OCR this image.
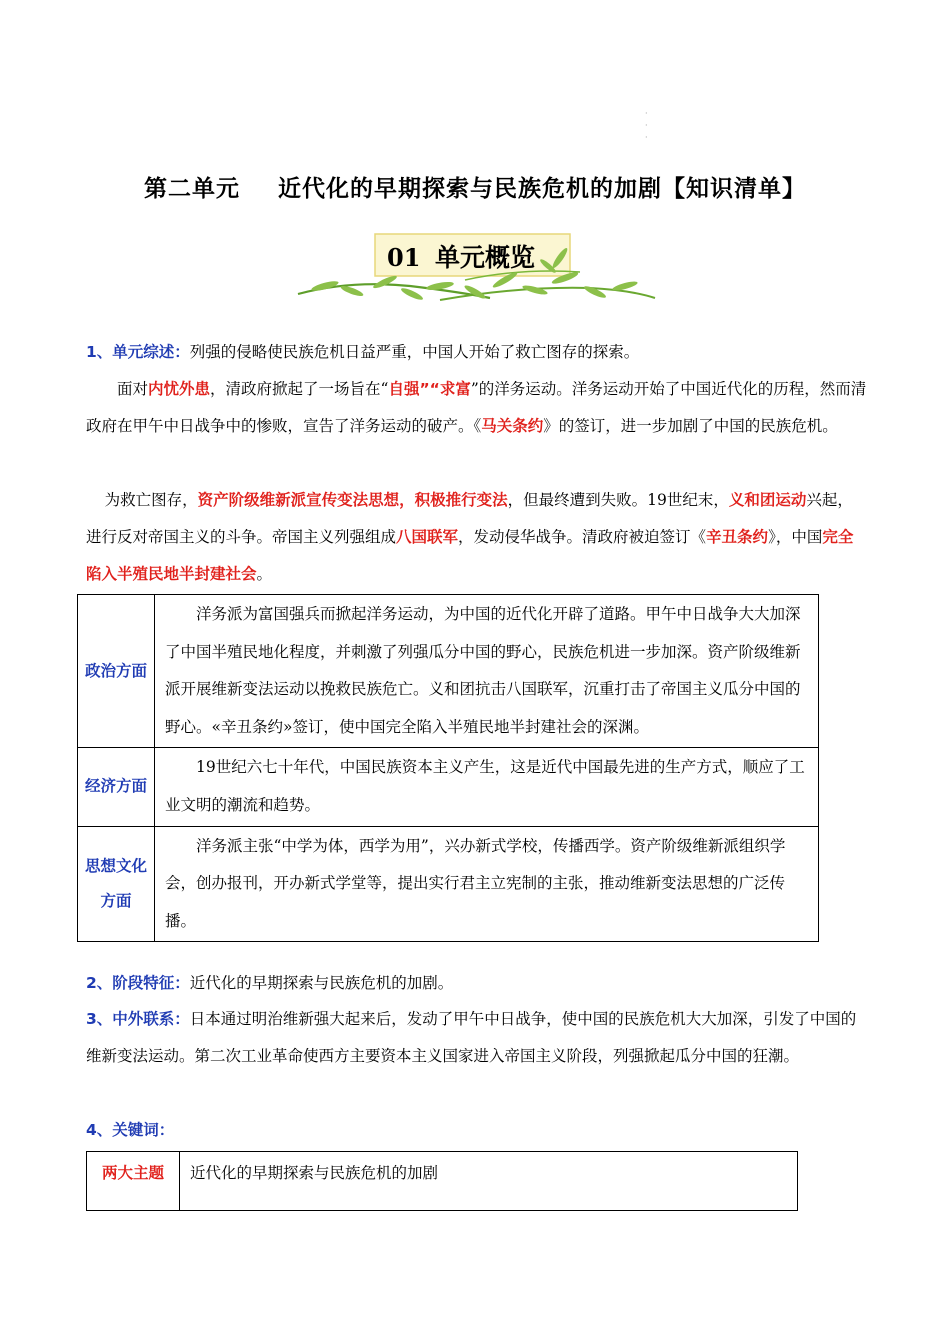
·
·
·
第二单元 近代化的早期探索与民族危机的加剧【知识清单】
01 单元概览
1、单元综述：列强的侵略使民族危机日益严重，中国人开始了救亡图存的探索。
面对内忧外患，清政府掀起了一场旨在“自强”“求富”的洋务运动。洋务运动开始了中国近代化的历程，然而清政府在甲午中日战争中的惨败，宣告了洋务运动的破产。《马关条约》的签订，进一步加剧了中国的民族危机。
为救亡图存，资产阶级维新派宣传变法思想，积极推行变法，但最终遭到失败。19世纪末，义和团运动兴起，进行反对帝国主义的斗争。帝国主义列强组成八国联军，发动侵华战争。清政府被迫签订《辛丑条约》，中国完全陷入半殖民地半封建社会。
政治方面	洋务派为富国强兵而掀起洋务运动，为中国的近代化开辟了道路。甲午中日战争大大加深了中国半殖民地化程度，并刺激了列强瓜分中国的野心，民族危机进一步加深。资产阶级维新派开展维新变法运动以挽救民族危亡。义和团抗击八国联军，沉重打击了帝国主义瓜分中国的野心。«辛丑条约»签订，使中国完全陷入半殖民地半封建社会的深渊。
经济方面	19世纪六七十年代，中国民族资本主义产生，这是近代中国最先进的生产方式，顺应了工业文明的潮流和趋势。
思想文化方面	洋务派主张“中学为体，西学为用”，兴办新式学校，传播西学。资产阶级维新派组织学会，创办报刊，开办新式学堂等，提出实行君主立宪制的主张，推动维新变法思想的广泛传播。
2、阶段特征：近代化的早期探索与民族危机的加剧。
3、中外联系：日本通过明治维新强大起来后，发动了甲午中日战争，使中国的民族危机大大加深，引发了中国的维新变法运动。第二次工业革命使西方主要资本主义国家进入帝国主义阶段，列强掀起瓜分中国的狂潮。
4、关键词：
两大主题	近代化的早期探索与民族危机的加剧
